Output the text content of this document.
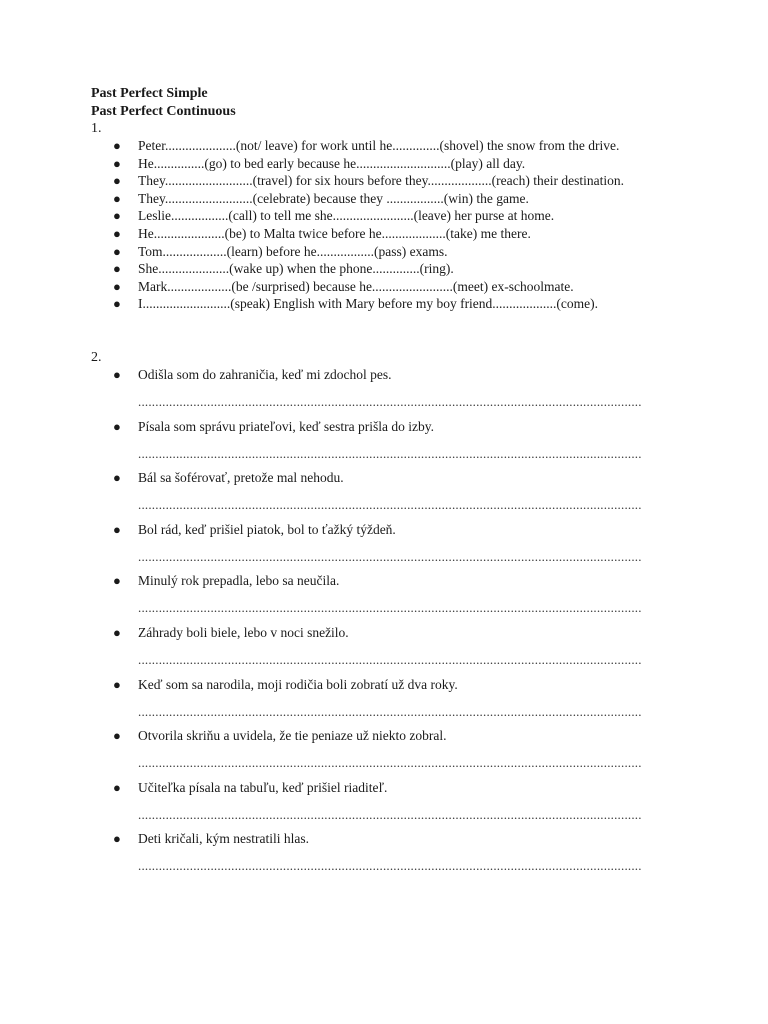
Past Perfect Simple
Past Perfect Continuous
1.
● Peter.....................(not/ leave) for work until he..............(shovel) the snow from the drive.
● He...............(go) to bed early because he............................(play) all day.
● They..........................(travel) for six hours before they...................(reach) their destination.
● They..........................(celebrate) because they .................(win) the game.
● Leslie.................(call) to tell me she........................(leave) her purse at home.
● He.....................(be) to Malta twice before he...................(take) me there.
● Tom...................(learn) before he.................(pass) exams.
● She.....................(wake up) when the phone..............(ring).
● Mark...................(be /surprised) because he........................(meet) ex-schoolmate.
● I..........................(speak) English with Mary before my boy friend...................(come).
2.
● Odišla som do zahraničia, keď mi zdochol pes.
..................................................................................................................................................
● Písala som správu priateľovi, keď sestra prišla do izby.
..................................................................................................................................................
● Bál sa šoférovať, pretože mal nehodu.
..................................................................................................................................................
● Bol rád, keď prišiel piatok, bol to ťažký týždeň.
..................................................................................................................................................
● Minulý rok prepadla, lebo sa neučila.
..................................................................................................................................................
● Záhrady boli biele, lebo v noci snežilo.
..................................................................................................................................................
● Keď som sa narodila, moji rodičia boli zobratí už dva roky.
..................................................................................................................................................
● Otvorila skriňu a uvidela, že tie peniaze už niekto zobral.
..................................................................................................................................................
● Učiteľka písala na tabuľu, keď prišiel riaditeľ.
..................................................................................................................................................
● Deti kričali, kým nestratili hlas.
..................................................................................................................................................
